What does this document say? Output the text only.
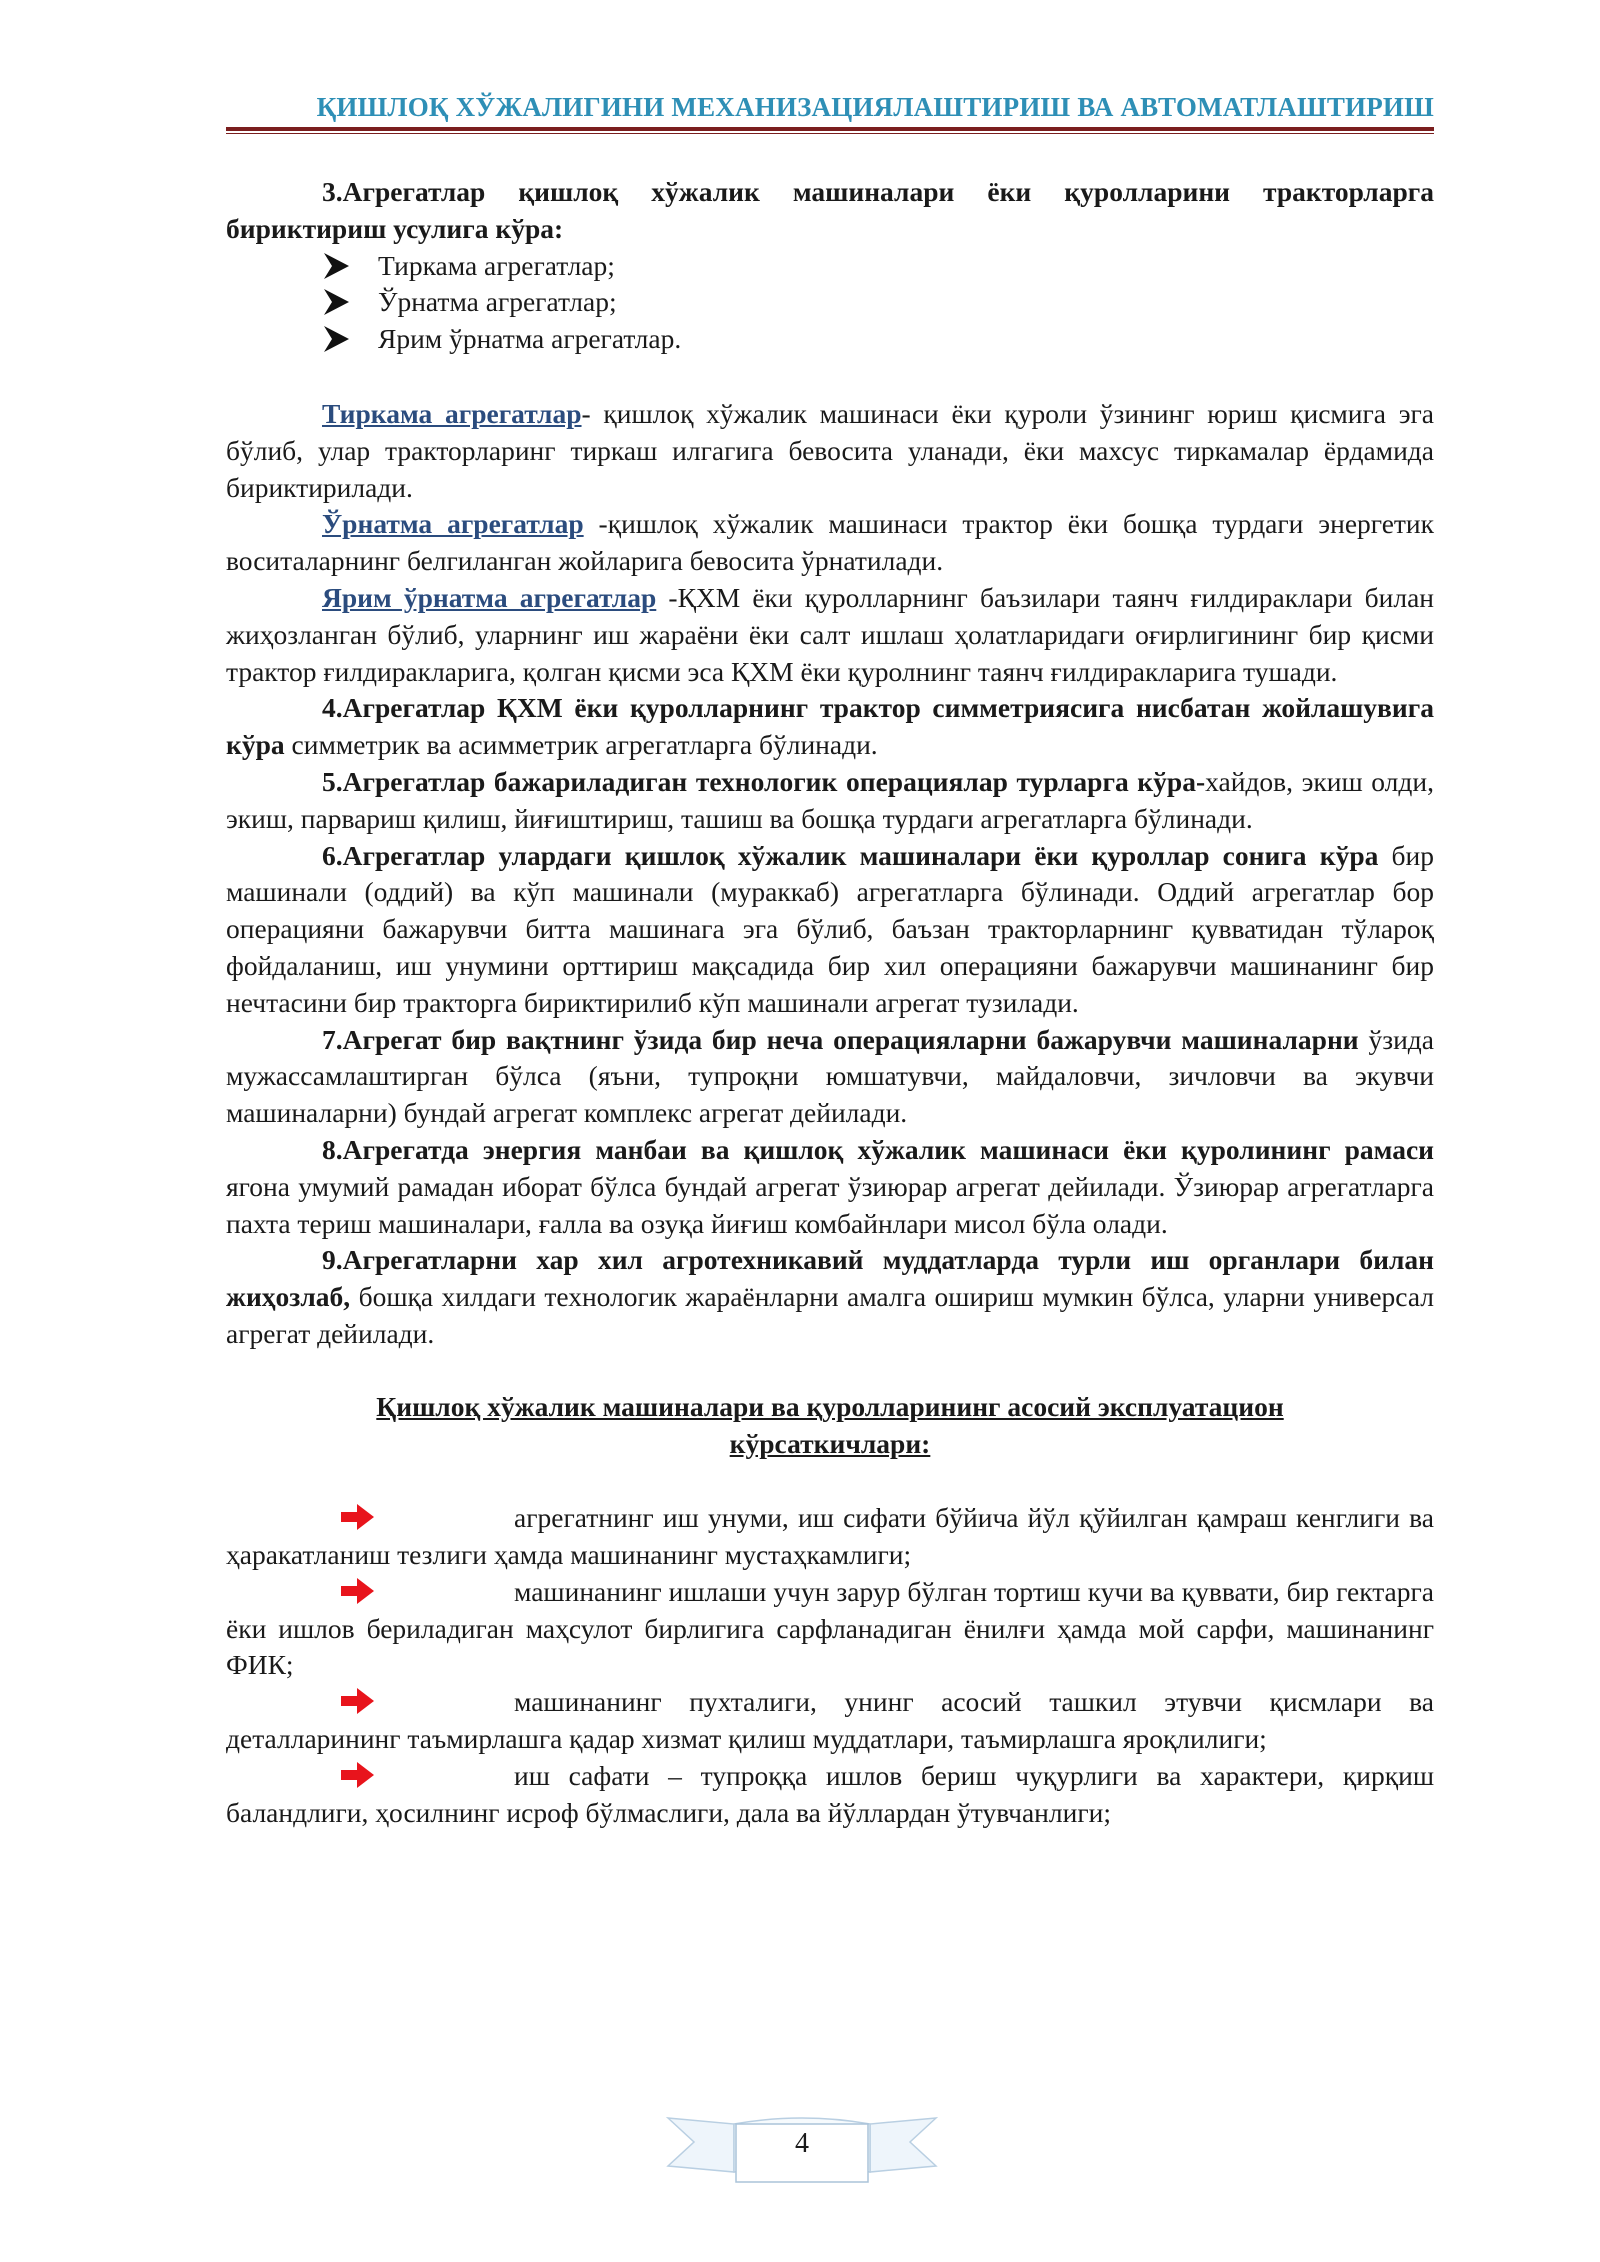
ҚИШЛОҚ ХЎЖАЛИГИНИ МЕХАНИЗАЦИЯЛАШТИРИШ ВА АВТОМАТЛАШТИРИШ

3.Агрегатлар қишлоқ хўжалик машиналари ёки қуролларини тракторларга бириктириш усулига кўра:

Тиркама агрегатлар;
Ўрнатма агрегатлар;
Ярим ўрнатма агрегатлар.

Тиркама агрегатлар- қишлоқ хўжалик машинаси ёки қуроли ўзининг юриш қисмига эга бўлиб, улар тракторларинг тиркаш илгагига бевосита уланади, ёки махсус тиркамалар ёрдамида бириктирилади.

Ўрнатма агрегатлар -қишлоқ хўжалик машинаси трактор ёки бошқа турдаги энергетик воситаларнинг белгиланган жойларига бевосита ўрнатилади.

Ярим ўрнатма агрегатлар -ҚХМ ёки қуролларнинг баъзилари таянч ғилдираклари билан жиҳозланган бўлиб, уларнинг иш жараёни ёки салт ишлаш ҳолатларидаги оғирлигининг бир қисми трактор ғилдиракларига, қолган қисми эса ҚХМ ёки қуролнинг таянч ғилдиракларига тушади.

4.Агрегатлар ҚХМ ёки қуролларнинг трактор симметриясига нисбатан жойлашувига кўра симметрик ва асимметрик агрегатларга бўлинади.

5.Агрегатлар бажариладиган технологик операциялар турларга кўра-хайдов, экиш олди, экиш, парвариш қилиш, йиғиштириш, ташиш ва бошқа турдаги агрегатларга бўлинади.

6.Агрегатлар улардаги қишлоқ хўжалик машиналари ёки қуроллар сонига кўра бир машинали (оддий) ва кўп машинали (мураккаб) агрегатларга бўлинади. Оддий агрегатлар бор операцияни бажарувчи битта машинага эга бўлиб, баъзан тракторларнинг қувватидан тўлароқ фойдаланиш, иш унумини орттириш мақсадида бир хил операцияни бажарувчи машинанинг бир нечтасини бир тракторга бириктирилиб кўп машинали агрегат тузилади.

7.Агрегат бир вақтнинг ўзида бир неча операцияларни бажарувчи машиналарни ўзида мужассамлаштирган бўлса (яъни, тупроқни юмшатувчи, майдаловчи, зичловчи ва экувчи машиналарни) бундай агрегат комплекс агрегат дейилади.

8.Агрегатда энергия манбаи ва қишлоқ хўжалик машинаси ёки қуролининг рамаси ягона умумий рамадан иборат бўлса бундай агрегат ўзиюрар агрегат дейилади. Ўзиюрар агрегатларга пахта териш машиналари, ғалла ва озуқа йиғиш комбайнлари мисол бўла олади.

9.Агрегатларни хар хил агротехникавий муддатларда турли иш органлари билан жиҳозлаб, бошқа хилдаги технологик жараёнларни амалга ошириш мумкин бўлса, уларни универсал агрегат дейилади.

Қишлоқ хўжалик машиналари ва қуролларининг асосий эксплуатацион
кўрсаткичлари:

агрегатнинг иш унуми, иш сифати бўйича йўл қўйилган қамраш кенглиги ва ҳаракатланиш тезлиги ҳамда машинанинг мустаҳкамлиги;

машинанинг ишлаши учун зарур бўлган тортиш кучи ва қуввати, бир гектарга ёки ишлов бериладиган маҳсулот бирлигига сарфланадиган ёнилғи ҳамда мой сарфи, машинанинг ФИК;

машинанинг пухталиги, унинг асосий ташкил этувчи қисмлари ва деталларининг таъмирлашга қадар хизмат қилиш муддатлари, таъмирлашга яроқлилиги;

иш сафати – тупроққа ишлов бериш чуқурлиги ва характери, қирқиш баландлиги, ҳосилнинг исроф бўлмаслиги, дала ва йўллардан ўтувчанлиги;

4
